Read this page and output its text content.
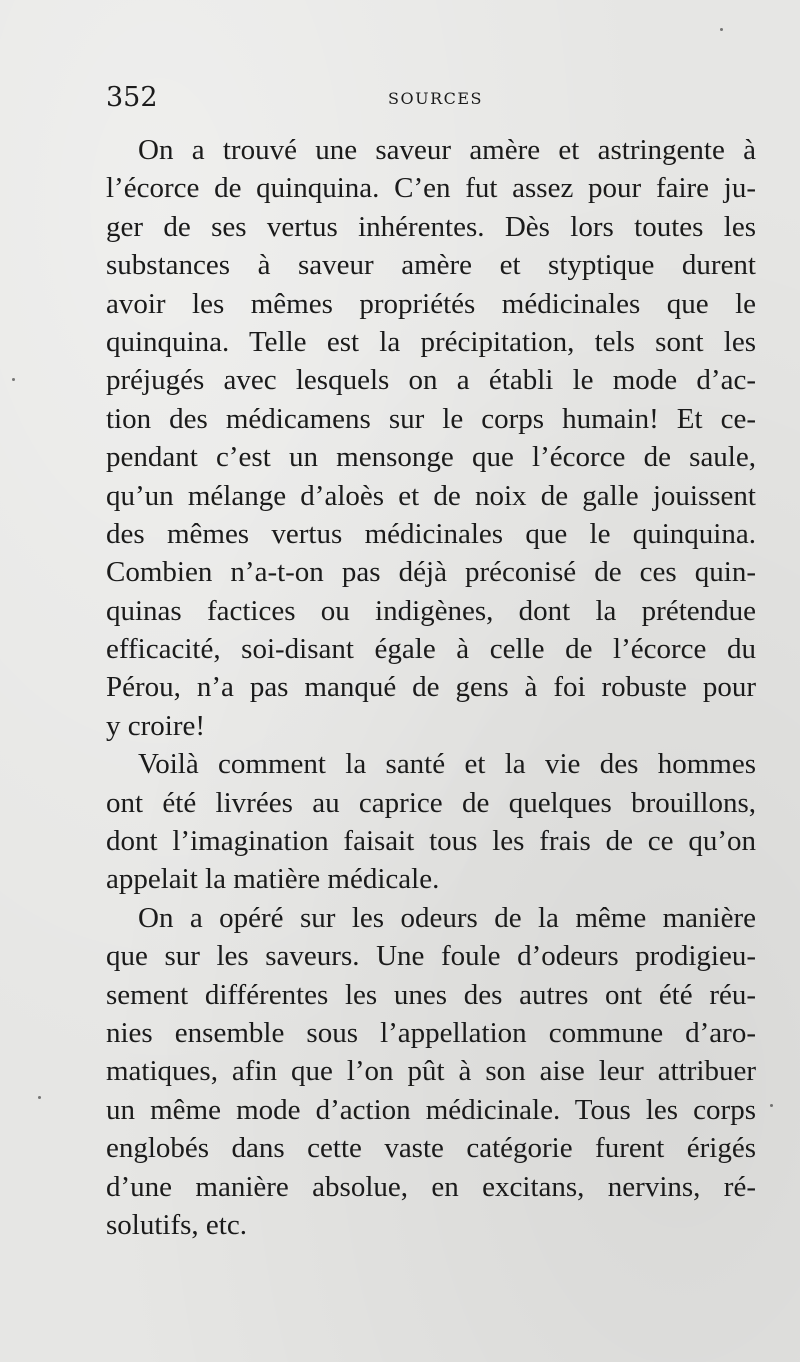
352	SOURCES
On a trouvé une saveur amère et astringente à
l’écorce de quinquina. C’en fut assez pour faire ju-
ger de ses vertus inhérentes. Dès lors toutes les
substances à saveur amère et styptique durent
avoir les mêmes propriétés médicinales que le
quinquina. Telle est la précipitation, tels sont les
préjugés avec lesquels on a établi le mode d’ac-
tion des médicamens sur le corps humain! Et ce-
pendant c’est un mensonge que l’écorce de saule,
qu’un mélange d’aloès et de noix de galle jouissent
des mêmes vertus médicinales que le quinquina.
Combien n’a-t-on pas déjà préconisé de ces quin-
quinas factices ou indigènes, dont la prétendue
efficacité, soi-disant égale à celle de l’écorce du
Pérou, n’a pas manqué de gens à foi robuste pour
y croire!
Voilà comment la santé et la vie des hommes
ont été livrées au caprice de quelques brouillons,
dont l’imagination faisait tous les frais de ce qu’on
appelait la matière médicale.
On a opéré sur les odeurs de la même manière
que sur les saveurs. Une foule d’odeurs prodigieu-
sement différentes les unes des autres ont été réu-
nies ensemble sous l’appellation commune d’aro-
matiques, afin que l’on pût à son aise leur attribuer
un même mode d’action médicinale. Tous les corps
englobés dans cette vaste catégorie furent érigés
d’une manière absolue, en excitans, nervins, ré-
solutifs, etc.
